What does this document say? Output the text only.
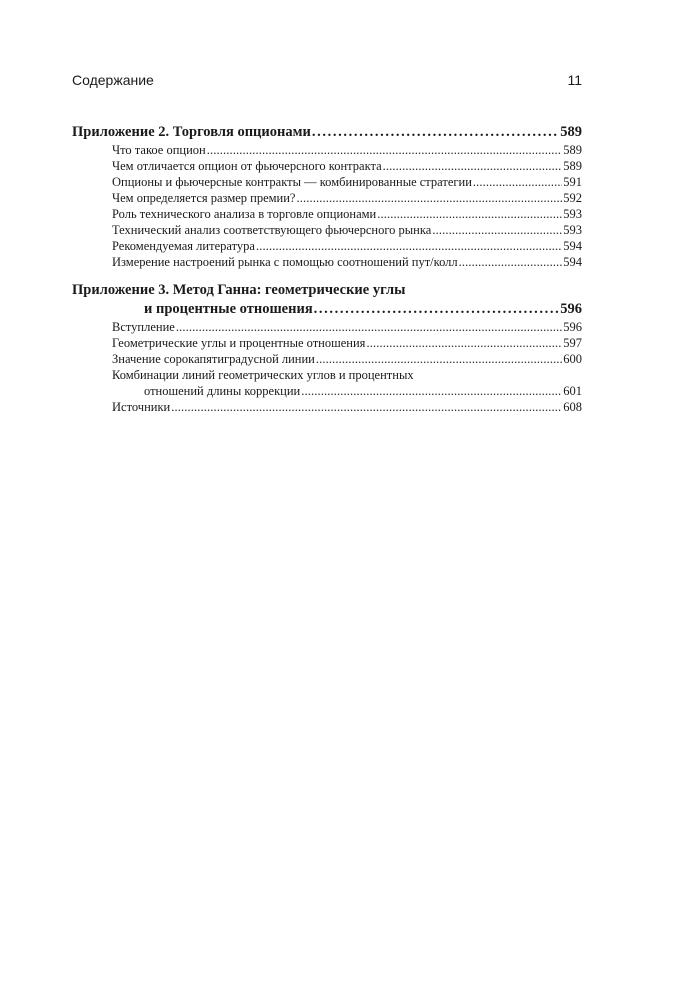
Содержание	11
Приложение 2. Торговля опционами . . .	589
Что такое опцион . . .	589
Чем отличается опцион от фьючерсного контракта . . .	589
Опционы и фьючерсные контракты — комбинированные стратегии . . .	591
Чем определяется размер премии? . . .	592
Роль технического анализа в торговле опционами . . .	593
Технический анализ соответствующего фьючерсного рынка . . .	593
Рекомендуемая литература . . .	594
Измерение настроений рынка с помощью соотношений пут/колл . . .	594
Приложение 3. Метод Ганна: геометрические углы
и процентные отношения . . .	596
Вступление . . .	596
Геометрические углы и процентные отношения . . .	597
Значение сорокапятиградусной линии . . .	600
Комбинации линий геометрических углов и процентных
отношений длины коррекции . . .	601
Источники . . .	608
